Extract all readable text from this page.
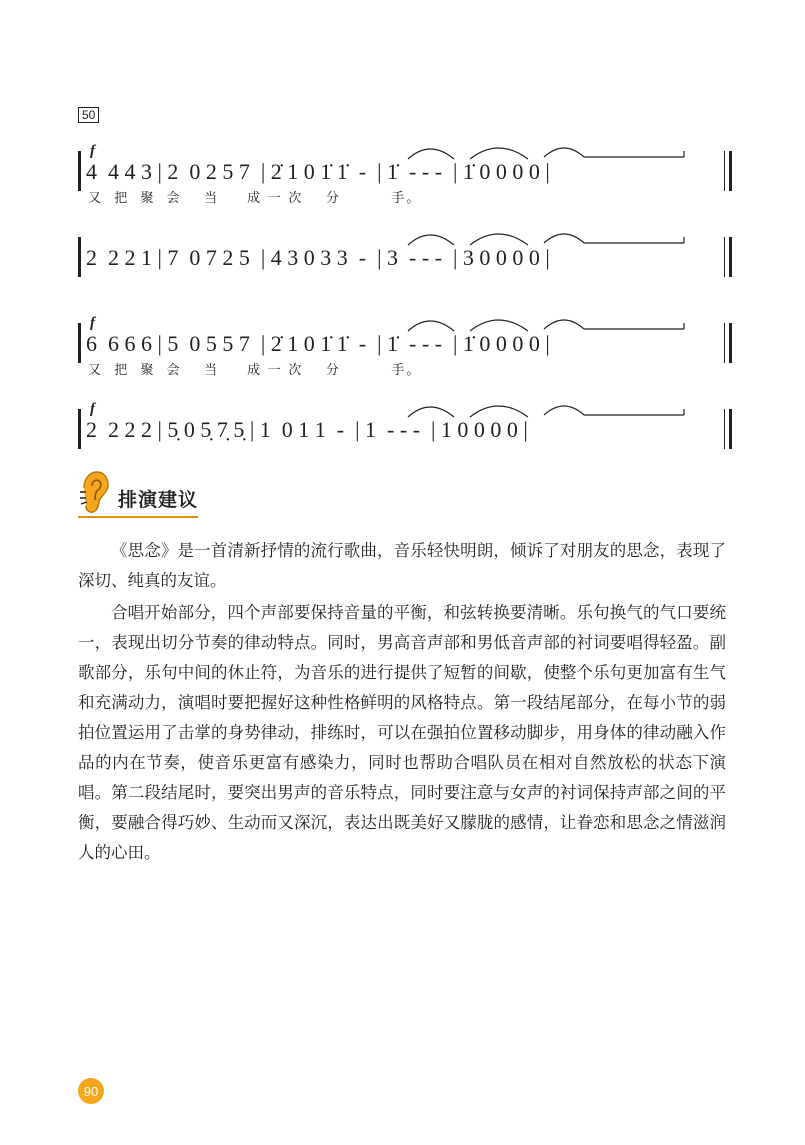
50
f
4  4 4 3 | 2  0 2 5 7  | 2̇ 1 0 1̇ 1̇  -  | 1̇  - - -  | 1̇ 0 0 0 0 |
又  把  聚  会    当     成 一 次    分         手。
2  2 2 1 | 7  0 7 2 5  | 4 3 0 3 3  -  | 3  - - -  | 3 0 0 0 0 |
f
6  6 6 6 | 5  0 5 5 7  | 2̇ 1 0 1̇ 1̇  -  | 1̇  - - -  | 1̇ 0 0 0 0 |
又  把  聚  会    当     成 一 次    分         手。
f
2  2 2 2 | 5̣ 0 5̣ 7̣ 5̣ | 1  0 1 1  -  | 1  - - -  | 1 0 0 0 0 |
排演建议

《思念》是一首清新抒情的流行歌曲，音乐轻快明朗，倾诉了对朋友的思念，表现了深切、纯真的友谊。

合唱开始部分，四个声部要保持音量的平衡，和弦转换要清晰。乐句换气的气口要统一，表现出切分节奏的律动特点。同时，男高音声部和男低音声部的衬词要唱得轻盈。副歌部分，乐句中间的休止符，为音乐的进行提供了短暂的间歇，使整个乐句更加富有生气和充满动力，演唱时要把握好这种性格鲜明的风格特点。第一段结尾部分，在每小节的弱拍位置运用了击掌的身势律动，排练时，可以在强拍位置移动脚步，用身体的律动融入作品的内在节奏，使音乐更富有感染力，同时也帮助合唱队员在相对自然放松的状态下演唱。第二段结尾时，要突出男声的音乐特点，同时要注意与女声的衬词保持声部之间的平衡，要融合得巧妙、生动而又深沉，表达出既美好又朦胧的感情，让眷恋和思念之情滋润人的心田。

90
